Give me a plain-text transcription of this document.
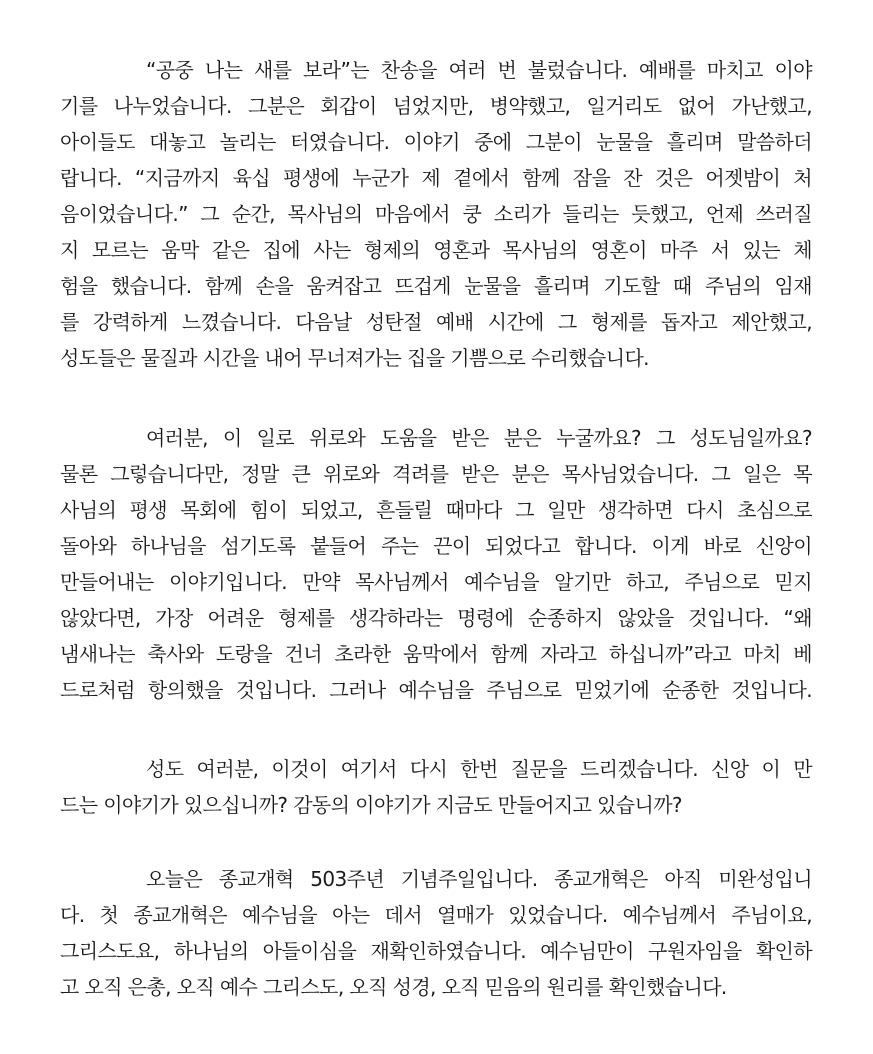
“공중 나는 새를 보라”는 찬송을 여러 번 불렀습니다. 예배를 마치고 이야
기를 나누었습니다. 그분은 회갑이 넘었지만, 병약했고, 일거리도 없어 가난했고,
아이들도 대놓고 놀리는 터였습니다. 이야기 중에 그분이 눈물을 흘리며 말씀하더
랍니다. “지금까지 육십 평생에 누군가 제 곁에서 함께 잠을 잔 것은 어젯밤이 처
음이었습니다.” 그 순간, 목사님의 마음에서 쿵 소리가 들리는 듯했고, 언제 쓰러질
지 모르는 움막 같은 집에 사는 형제의 영혼과 목사님의 영혼이 마주 서 있는 체
험을 했습니다. 함께 손을 움켜잡고 뜨겁게 눈물을 흘리며 기도할 때 주님의 임재
를 강력하게 느꼈습니다. 다음날 성탄절 예배 시간에 그 형제를 돕자고 제안했고,
성도들은 물질과 시간을 내어 무너져가는 집을 기쁨으로 수리했습니다.
여러분, 이 일로 위로와 도움을 받은 분은 누굴까요? 그 성도님일까요?
물론 그렇습니다만, 정말 큰 위로와 격려를 받은 분은 목사님었습니다. 그 일은 목
사님의 평생 목회에 힘이 되었고, 흔들릴 때마다 그 일만 생각하면 다시 초심으로
돌아와 하나님을 섬기도록 붙들어 주는 끈이 되었다고 합니다. 이게 바로 신앙이
만들어내는 이야기입니다. 만약 목사님께서 예수님을 알기만 하고, 주님으로 믿지
않았다면, 가장 어려운 형제를 생각하라는 명령에 순종하지 않았을 것입니다. “왜
냄새나는 축사와 도랑을 건너 초라한 움막에서 함께 자라고 하십니까”라고 마치 베
드로처럼 항의했을 것입니다. 그러나 예수님을 주님으로 믿었기에 순종한 것입니다.
성도 여러분, 이것이 여기서 다시 한번 질문을 드리겠습니다. 신앙 이 만
드는 이야기가 있으십니까? 감동의 이야기가 지금도 만들어지고 있습니까?
오늘은 종교개혁 503주년 기념주일입니다. 종교개혁은 아직 미완성입니
다. 첫 종교개혁은 예수님을 아는 데서 열매가 있었습니다. 예수님께서 주님이요,
그리스도요, 하나님의 아들이심을 재확인하였습니다. 예수님만이 구원자임을 확인하
고 오직 은총, 오직 예수 그리스도, 오직 성경, 오직 믿음의 원리를 확인했습니다.
